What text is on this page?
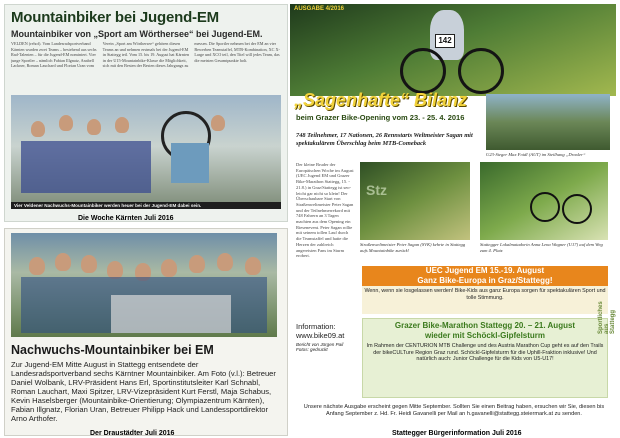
Mountainbiker bei Jugend-EM
Mountainbiker von „Sport am Wörthersee“ bei Jugend-EM.
VELDEN (rehof). Vom Landesradsportverband Kärnten wurden zwei Teams – bestehend aus sechs Rad-Talenten – für die Jugend-EM nominiert. Vier junge Sportler – nämlich Fabian Illgnatz, Anabell Lackner, Roman Lauchard und Florian Uran vom Verein „Sport am Wörthersee“ gehören diesen Teams an und nehmen erstmals bei der Jugend-EM in Stattegg teil. Vom 15. bis 19. August hat Kärnten in der U15-Mountainbike-Klasse die Möglichkeit, sich mit den Besten der Besten dieses Jahrgangs zu messen. Die Sportler nehmen bei der EM an vier Bewerben Teamstaffel, MTB-Kombination, XC X-Large und XCO teil, den Titel will jedes Team, das die meisten Gesamtpunkte holt.
Vier Veldener Nachwuchs-Mountainbiker werden heuer bei der Jugend-EM dabei sein.
Die Woche Kärnten Juli 2016
Nachwuchs-Mountainbiker bei EM
Zur Jugend-EM Mitte August in Stattegg entsendete der Landesradsportverband sechs Kärntner Mountainbiker. Am Foto (v.l.): Betreuer Daniel Wolbank, LRV-Präsident Hans Erl, Sportinstitutsleiter Karl Schnabl, Roman Lauchart, Maxi Spitzer, LRV-Vizepräsident Kurt Ferstl, Maja Schabus, Kevin Haselsberger (Mountainbike-Orientierung; Olympiazentrum Kärnten), Fabian Illgnatz, Florian Uran, Betreuer Philipp Hack und Landessportdirektor Arno Arthofer.
Der Draustädter Juli 2016
AUSGABE 4/2016
142
„Sagenhafte“ Bilanz
beim Grazer Bike-Opening vom 23. - 25. 4. 2016
748 Teilnehmer, 17 Nationen, 26 Rennstarts Weltmeister Sagan mit spektakulärem Überschlag beim MTB-Comeback
U23-Sieger Max Foidl (AUT) im Steilhang „Draxler“
Der kleine Bruder der Europäischen Woche im August (UEC Jugend EM und Grazer Bike-Marathon Stattegg, 15. - 21.8.) in Graz/Stattegg ist seo-leicht gar nicht so klein! Der Überschaubare Start von Straßenweltmeister Peter Sagan und der Teilnehmerrekord mit 748 Fahrern an 3 Tagen machten aus dem Opening ein Riesenevent. Peter Sagan rollte mit seinem tollen Lauf durch die Teamstaffel und hatte die Herzen der zahlreich angereisten Fans im Sturm erobert.
Stz
Straßenweltmeister Peter Sagan (SVK) kehrte in Stattegg aufs Mountainbike zurück!
Stattegger Lokalmatadorin Anna Lena Wagner (U17) auf dem Weg zum 4. Platz
UEC Jugend EM 15.-19. August
Ganz Bike-Europa in Graz/Stattegg!
Wenn, wenn sie losgelassen werden! Bike-Kids aus ganz Europa sorgen für spektakulären Sport und tolle Stimmung.
Grazer Bike-Marathon Stattegg 20. – 21. August
wieder mit Schöckl-Gipfelsturm
Im Rahmen der CENTURION MTB Challenge und des Austria Marathon Cup geht es auf den Trails der bikeCULTure Region Graz rund. Schöckl-Gipfelsturm für die Uphill-Fraktion inklusive! Und natürlich auch: Junior Challenge für die Kids von U5-U17!
Information:
www.bike09.at
Bericht von Jürgen Pail
Fotos: gedruckt
Unsere nächste Ausgabe erscheint gegen Mitte September. Sollten Sie einen Beitrag haben, ersuchen wir Sie, diesen bis Anfang September z. Hd. Fr. Heidi Gavanelli per Mail an h.gavanelli@stattegg.steiermark.at zu senden.
Sportliches aus Stattegg
Stattegger Bürgerinformation Juli 2016
